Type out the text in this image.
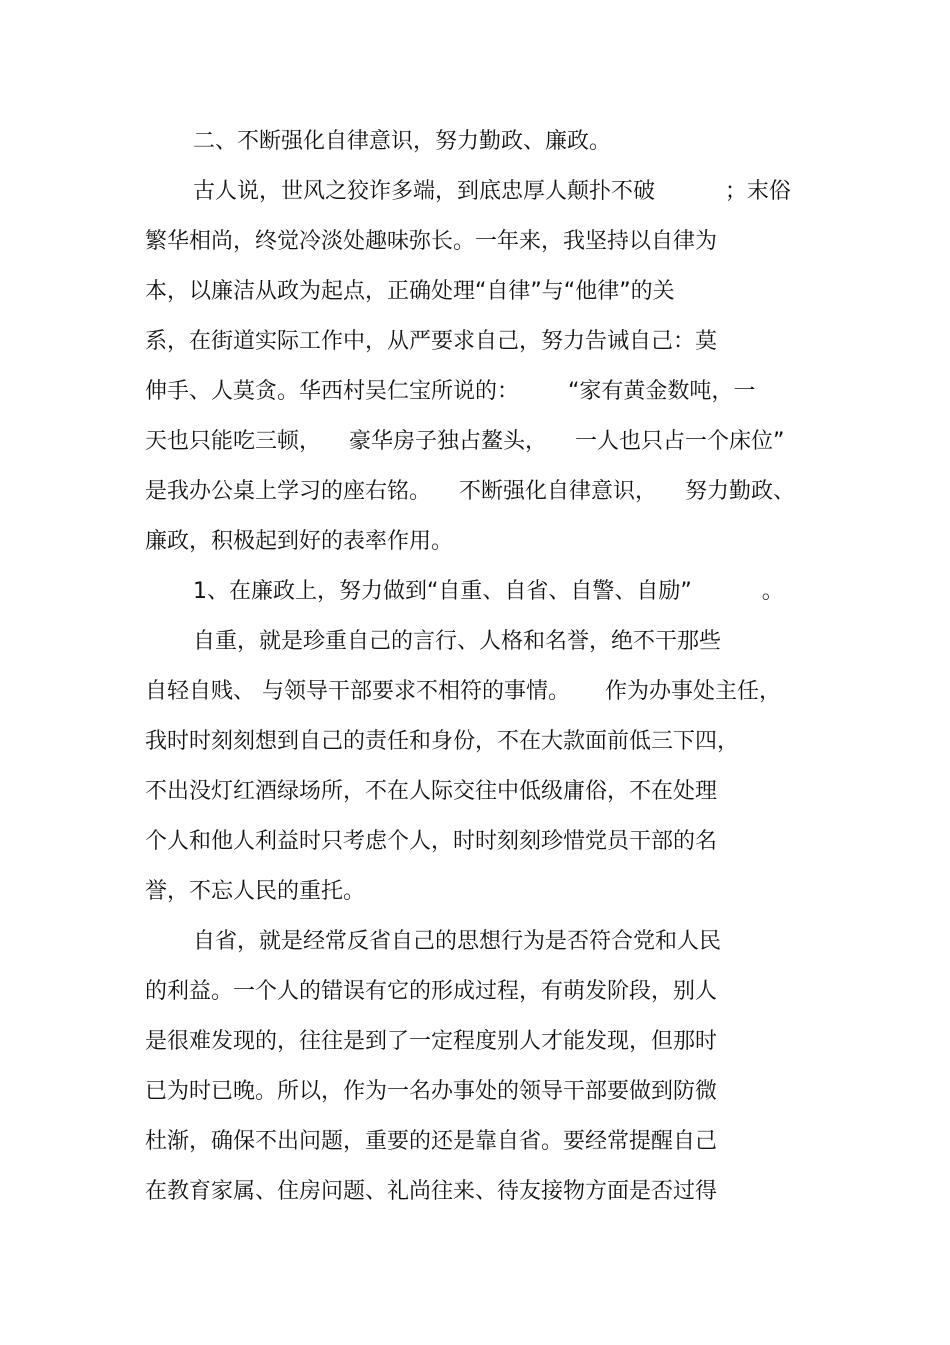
二、不断强化自律意识，努力勤政、廉政。

古人说，世风之狡诈多端，到底忠厚人颠扑不破          ；末俗

繁华相尚，终觉冷淡处趣味弥长。一年来，我坚持以自律为

本，以廉洁从政为起点，正确处理“自律”与“他律”的关

系，在街道实际工作中，从严要求自己，努力告诫自己：莫

伸手、人莫贪。华西村吴仁宝所说的：       “家有黄金数吨，一

天也只能吃三顿，    豪华房子独占鳌头，    一人也只占一个床位”

是我办公桌上学习的座右铭。    不断强化自律意识，    努力勤政、

廉政，积极起到好的表率作用。

1、在廉政上，努力做到“自重、自省、自警、自励”          。

自重，就是珍重自己的言行、人格和名誉，绝不干那些

自轻自贱、 与领导干部要求不相符的事情。     作为办事处主任，

我时时刻刻想到自己的责任和身份，不在大款面前低三下四，

不出没灯红酒绿场所，不在人际交往中低级庸俗，不在处理

个人和他人利益时只考虑个人，时时刻刻珍惜党员干部的名

誉，不忘人民的重托。

自省，就是经常反省自己的思想行为是否符合党和人民

的利益。一个人的错误有它的形成过程，有萌发阶段，别人

是很难发现的，往往是到了一定程度别人才能发现，但那时

已为时已晚。所以，作为一名办事处的领导干部要做到防微

杜渐，确保不出问题，重要的还是靠自省。要经常提醒自己

在教育家属、住房问题、礼尚往来、待友接物方面是否过得
